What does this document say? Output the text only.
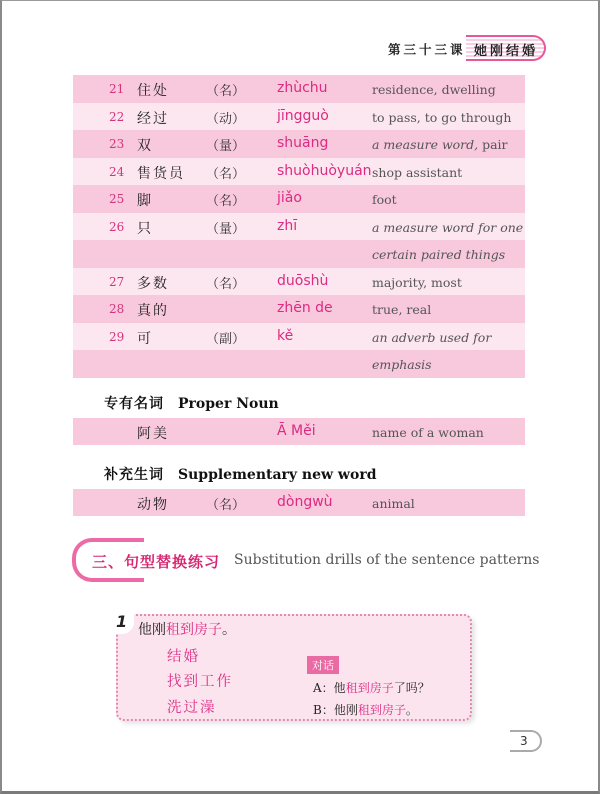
第三十三课 她刚结婚
21 住处	（名） zhùchu	residence, dwelling
22 经过	（动） jīngguò	to pass, to go through
23 双	（量） shuāng	a measure word, pair
24 售货员 （名） shuòhuòyuán shop assistant
25 脚	（名） jiǎo	foot
26 只	（量） zhī	a measure word for one
certain paired things
27 多数	（名） duōshù	majority, most
28 真的	zhēn de	true, real
29 可	（副） kě	an adverb used for
emphasis
专有名词 Proper Noun
阿美	Ā Měi	name of a woman
补充生词 Supplementary new word
动物	（名） dòngwù	animal
三、句型替换练习 Substitution drills of the sentence patterns
1 他刚租到房子。
结婚
找到工作
洗过澡
对话
A：他租到房子了吗？
B：他刚租到房子。
3
